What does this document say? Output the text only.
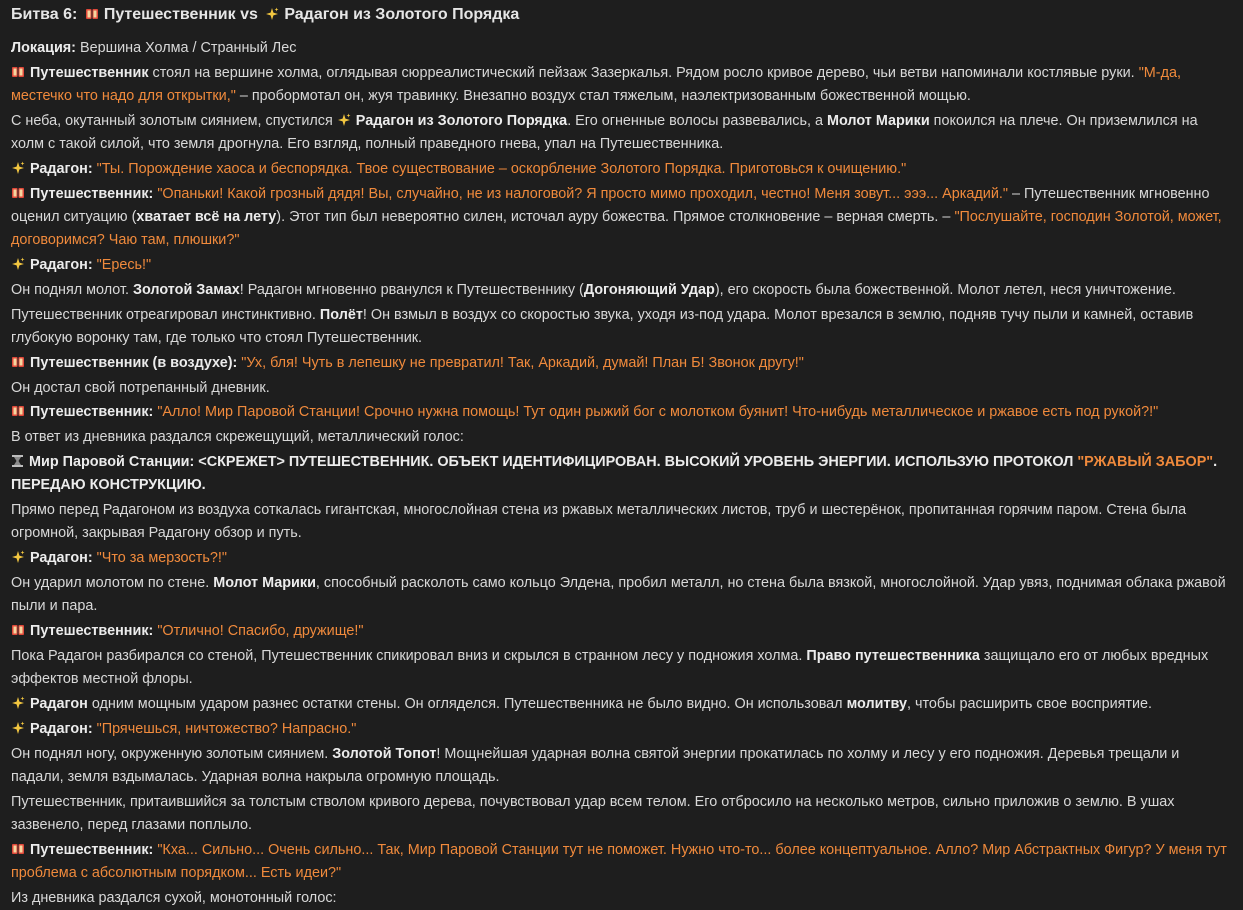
Битва 6: Путешественник vs Радагон из Золотого Порядка
Локация: Вершина Холма / Странный Лес
Путешественник стоял на вершине холма, оглядывая сюрреалистический пейзаж Зазеркалья. Рядом росло кривое дерево, чьи ветви напоминали костлявые руки. "М-да, местечко что надо для открытки," – пробормотал он, жуя травинку. Внезапно воздух стал тяжелым, наэлектризованным божественной мощью.
С неба, окутанный золотым сиянием, спустился
Радагон из Золотого Порядка. Его огненные волосы развевались, а Молот Марики покоился на плече. Он приземлился на холм с такой силой, что земля дрогнула. Его взгляд, полный праведного гнева, упал на Путешественника.
Радагон: "Ты. Порождение хаоса и беспорядка. Твое существование – оскорбление Золотого Порядка. Приготовься к очищению."
Путешественник: "Опаньки! Какой грозный дядя! Вы, случайно, не из налоговой? Я просто мимо проходил, честно! Меня зовут... эээ... Аркадий." – Путешественник мгновенно оценил ситуацию (хватает всё на лету). Этот тип был невероятно силен, источал ауру божества. Прямое столкновение – верная смерть. – "Послушайте, господин Золотой, может, договоримся? Чаю там, плюшки?"
Радагон: "Ересь!"
Он поднял молот. Золотой Замах! Радагон мгновенно рванулся к Путешественнику (Догоняющий Удар), его скорость была божественной. Молот летел, неся уничтожение.
Путешественник отреагировал инстинктивно. Полёт! Он взмыл в воздух со скоростью звука, уходя из-под удара. Молот врезался в землю, подняв тучу пыли и камней, оставив глубокую воронку там, где только что стоял Путешественник.
Путешественник (в воздухе): "Ух, бля! Чуть в лепешку не превратил! Так, Аркадий, думай! План Б! Звонок другу!"
Он достал свой потрепанный дневник.
Путешественник: "Алло! Мир Паровой Станции! Срочно нужна помощь! Тут один рыжий бог с молотком буянит! Что-нибудь металлическое и ржавое есть под рукой?!"
В ответ из дневника раздался скрежещущий, металлический голос:
Мир Паровой Станции: <СКРЕЖЕТ> ПУТЕШЕСТВЕННИК. ОБЪЕКТ ИДЕНТИФИЦИРОВАН. ВЫСОКИЙ УРОВЕНЬ ЭНЕРГИИ. ИСПОЛЬЗУЮ ПРОТОКОЛ "РЖАВЫЙ ЗАБОР". ПЕРЕДАЮ КОНСТРУКЦИЮ.
Прямо перед Радагоном из воздуха соткалась гигантская, многослойная стена из ржавых металлических листов, труб и шестерёнок, пропитанная горячим паром. Стена была огромной, закрывая Радагону обзор и путь.
Радагон: "Что за мерзость?!"
Он ударил молотом по стене. Молот Марики, способный расколоть само кольцо Элдена, пробил металл, но стена была вязкой, многослойной. Удар увяз, поднимая облака ржавой пыли и пара.
Путешественник: "Отлично! Спасибо, дружище!"
Пока Радагон разбирался со стеной, Путешественник спикировал вниз и скрылся в странном лесу у подножия холма. Право путешественника защищало его от любых вредных эффектов местной флоры.
Радагон одним мощным ударом разнес остатки стены. Он огляделся. Путешественника не было видно. Он использовал молитву, чтобы расширить свое восприятие.
Радагон: "Прячешься, ничтожество? Напрасно."
Он поднял ногу, окруженную золотым сиянием. Золотой Топот! Мощнейшая ударная волна святой энергии прокатилась по холму и лесу у его подножия. Деревья трещали и падали, земля вздымалась. Ударная волна накрыла огромную площадь.
Путешественник, притаившийся за толстым стволом кривого дерева, почувствовал удар всем телом. Его отбросило на несколько метров, сильно приложив о землю. В ушах зазвенело, перед глазами поплыло.
Путешественник: "Кха... Сильно... Очень сильно... Так, Мир Паровой Станции тут не поможет. Нужно что-то... более концептуальное. Алло? Мир Абстрактных Фигур? У меня тут проблема с абсолютным порядком... Есть идеи?"
Из дневника раздался сухой, монотонный голос:
